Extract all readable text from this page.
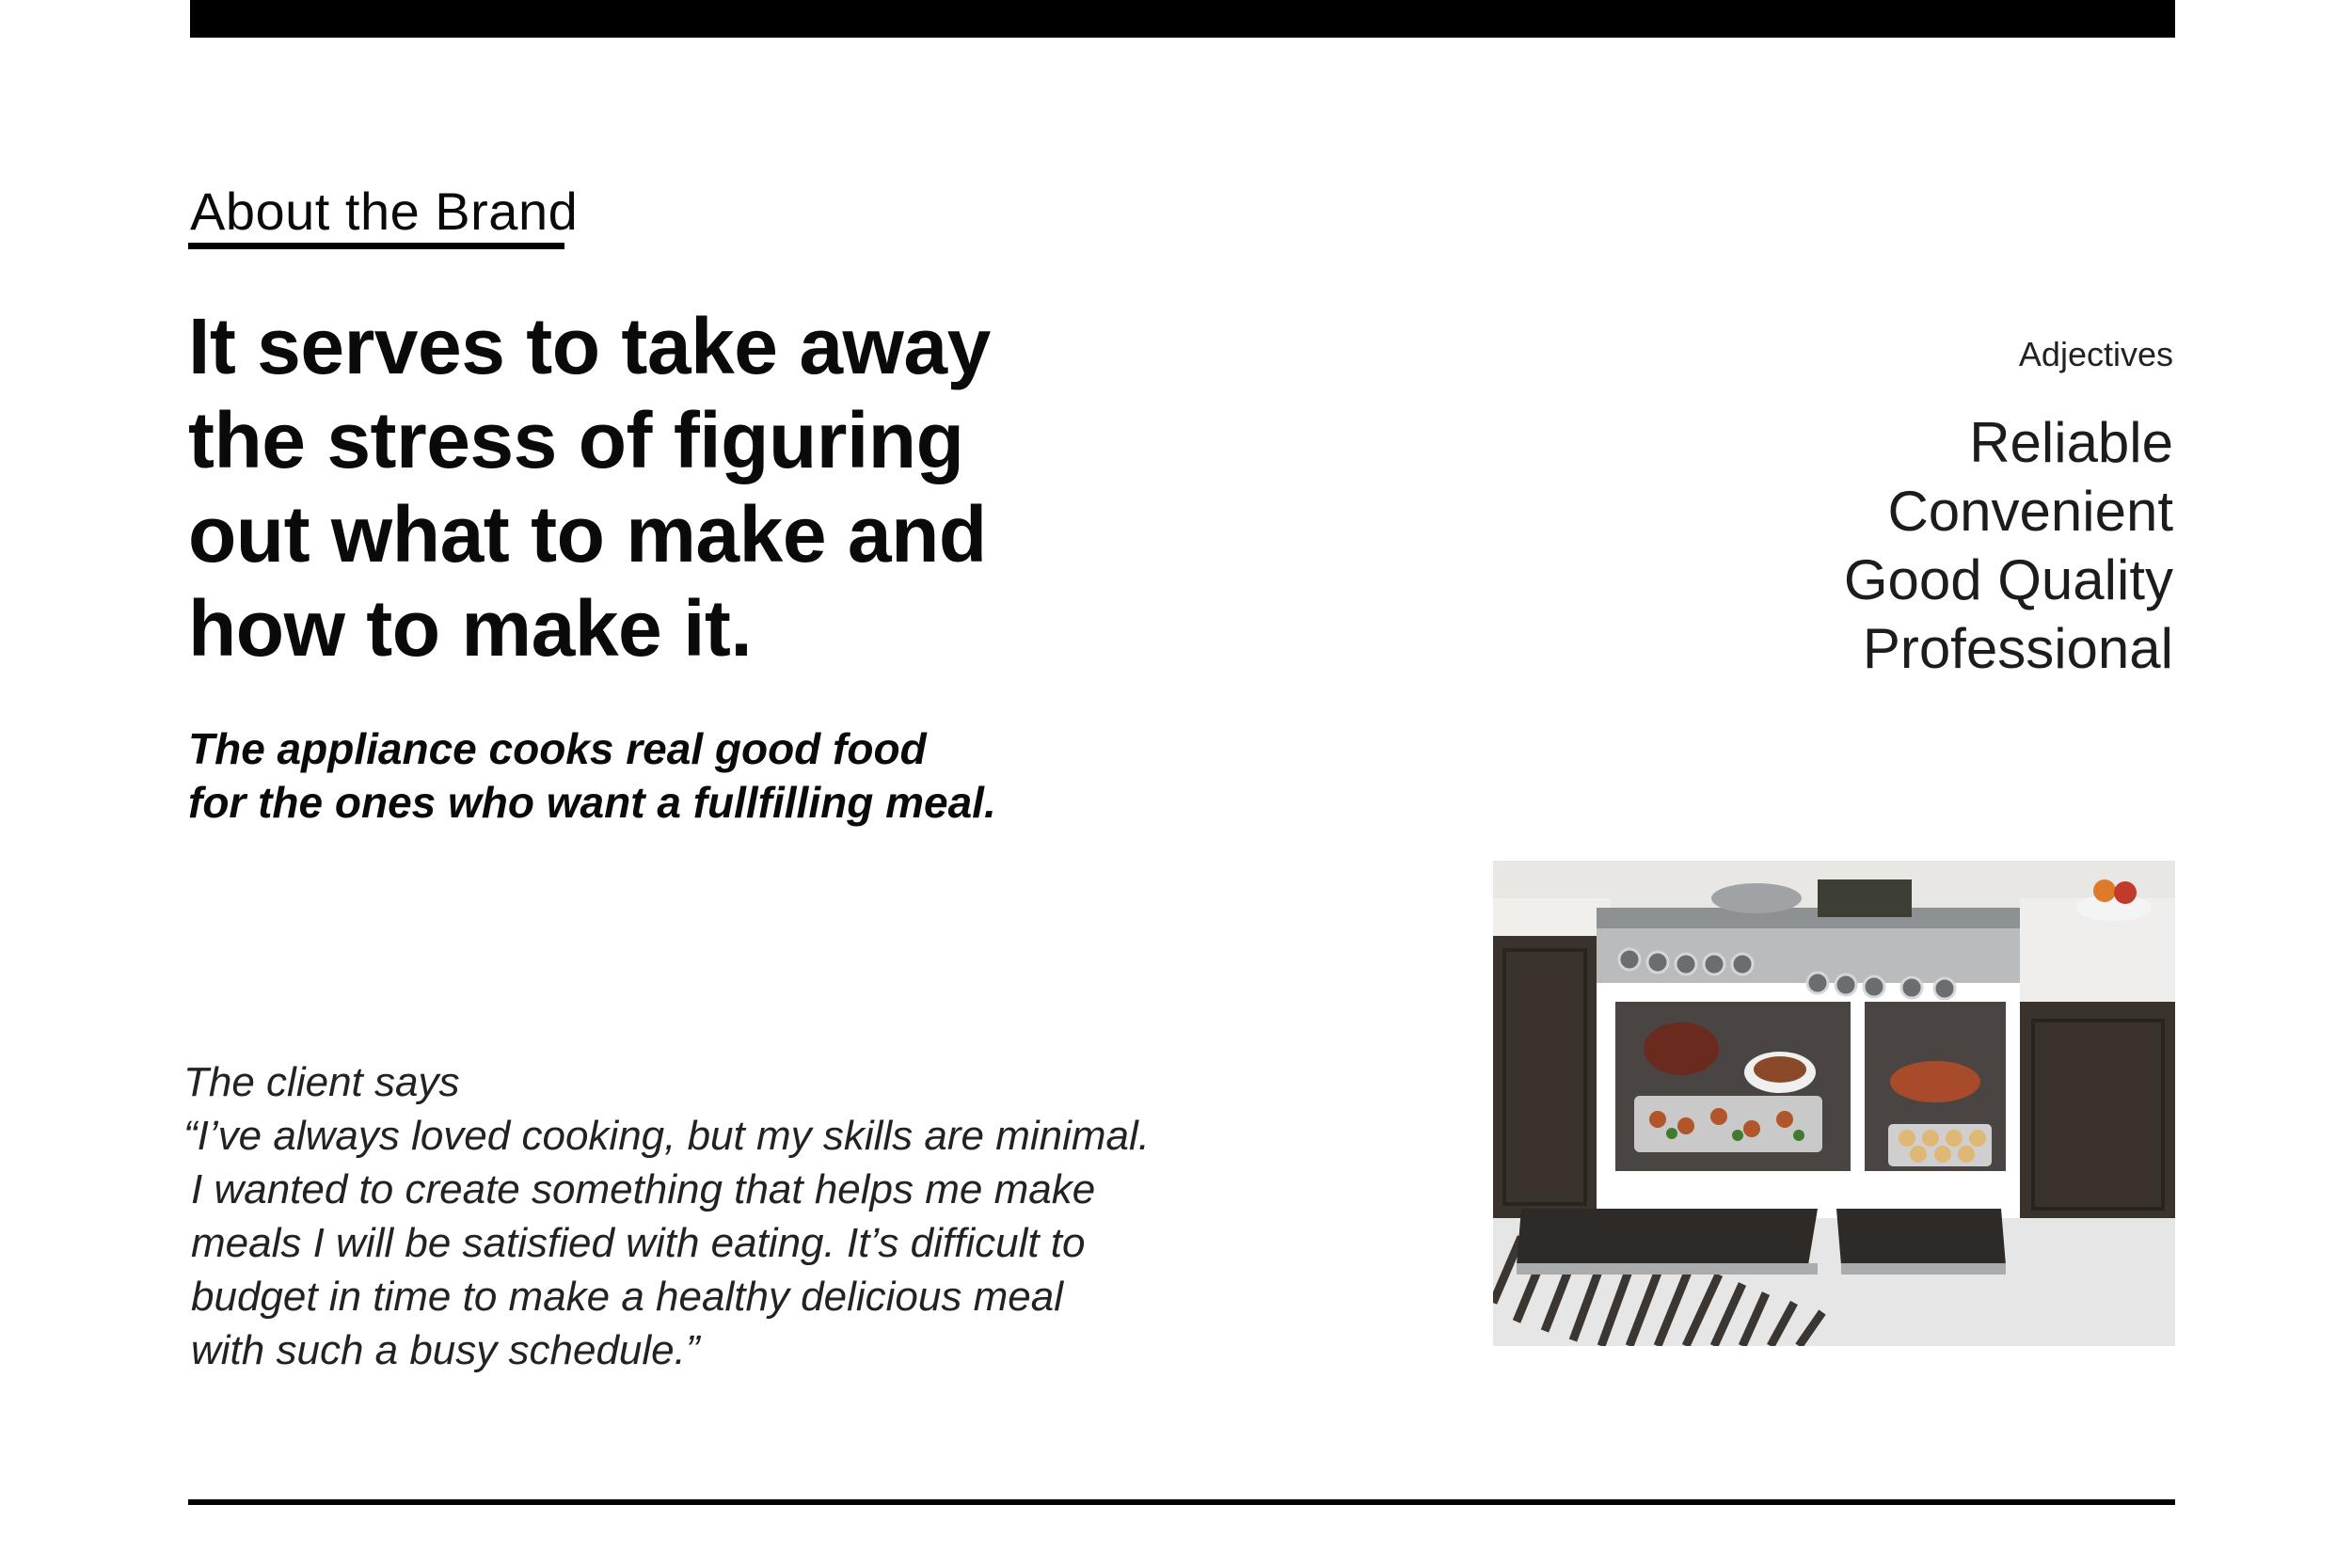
About the Brand
It serves to take away
the stress of figuring
out what to make and
how to make it.
The appliance cooks real good food
for the ones who want a fullfilling meal.
Adjectives
Reliable
Convenient
Good Quality
Professional
The client says
“I’ve always loved cooking, but my skills are minimal.
I wanted to create something that helps me make
meals I will be satisfied with eating. It’s difficult to
budget in time to make a healthy delicious meal
with such a busy schedule.”
